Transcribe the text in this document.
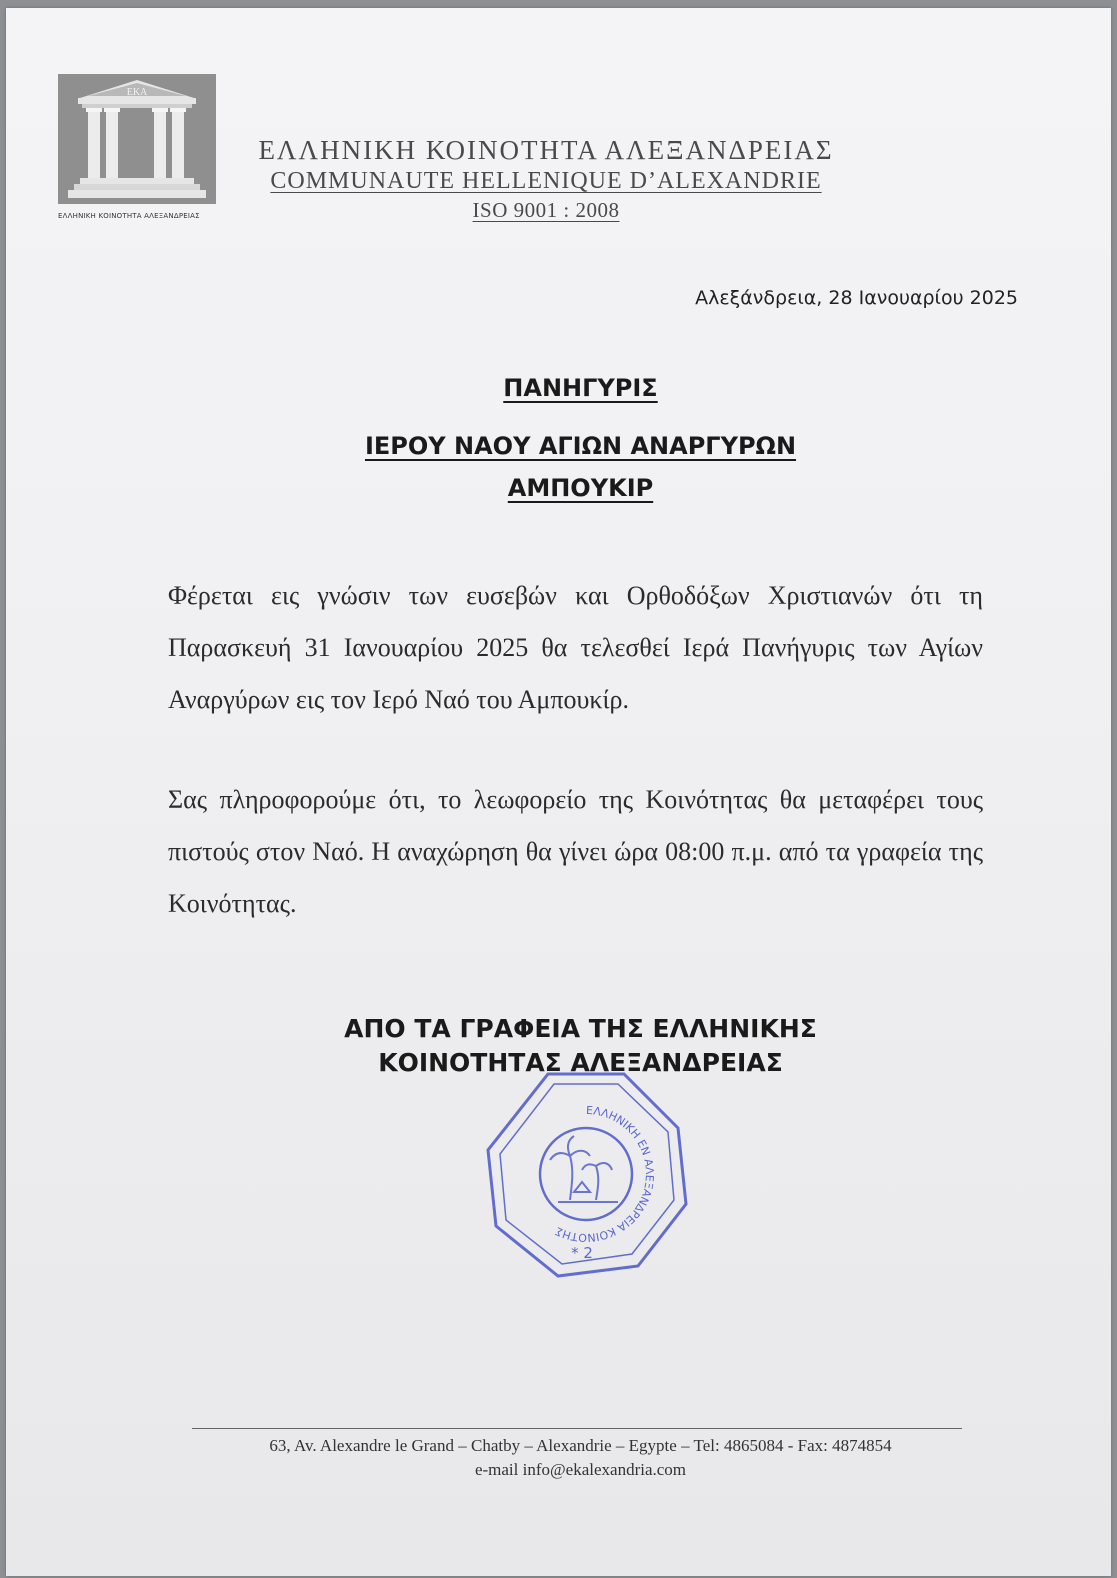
ΕΚΑ
ΕΛΛΗΝΙΚΗ ΚΟΙΝΟΤΗΤΑ ΑΛΕΞΑΝΔΡΕΙΑΣ
ΕΛΛΗΝΙΚΗ ΚΟΙΝΟΤΗΤΑ ΑΛΕΞΑΝΔΡΕΙΑΣ
COMMUNAUTE HELLENIQUE D’ALEXANDRIE
ISO 9001 : 2008
Αλεξάνδρεια, 28 Ιανουαρίου 2025
ΠΑΝΗΓΥΡΙΣ
ΙΕΡΟΥ ΝΑΟΥ ΑΓΙΩΝ ΑΝΑΡΓΥΡΩΝ
ΑΜΠΟΥΚΙΡ
Φέρεται εις γνώσιν των ευσεβών και Ορθοδόξων Χριστιανών ότι τη Παρασκευή 31 Ιανουαρίου 2025 θα τελεσθεί Ιερά Πανήγυρις των Αγίων Αναργύρων εις τον Ιερό Ναό του Αμπουκίρ.
Σας πληροφορούμε ότι, το λεωφορείο της Κοινότητας θα μεταφέρει τους πιστούς στον Ναό. Η αναχώρηση θα γίνει ώρα 08:00 π.μ. από τα γραφεία της Κοινότητας.
ΑΠΟ ΤΑ ΓΡΑΦΕΙΑ ΤΗΣ ΕΛΛΗΝΙΚΗΣ
ΚΟΙΝΟΤΗΤΑΣ ΑΛΕΞΑΝΔΡΕΙΑΣ
ΕΛΛΗΝΙΚΗ ΕΝ ΑΛΕΞΑΝΔΡΕΙΑ ΚΟΙΝΟΤΗΣ
* 2
63, Av. Alexandre le Grand – Chatby – Alexandrie – Egypte – Tel: 4865084 - Fax: 4874854
e-mail info@ekalexandria.com
